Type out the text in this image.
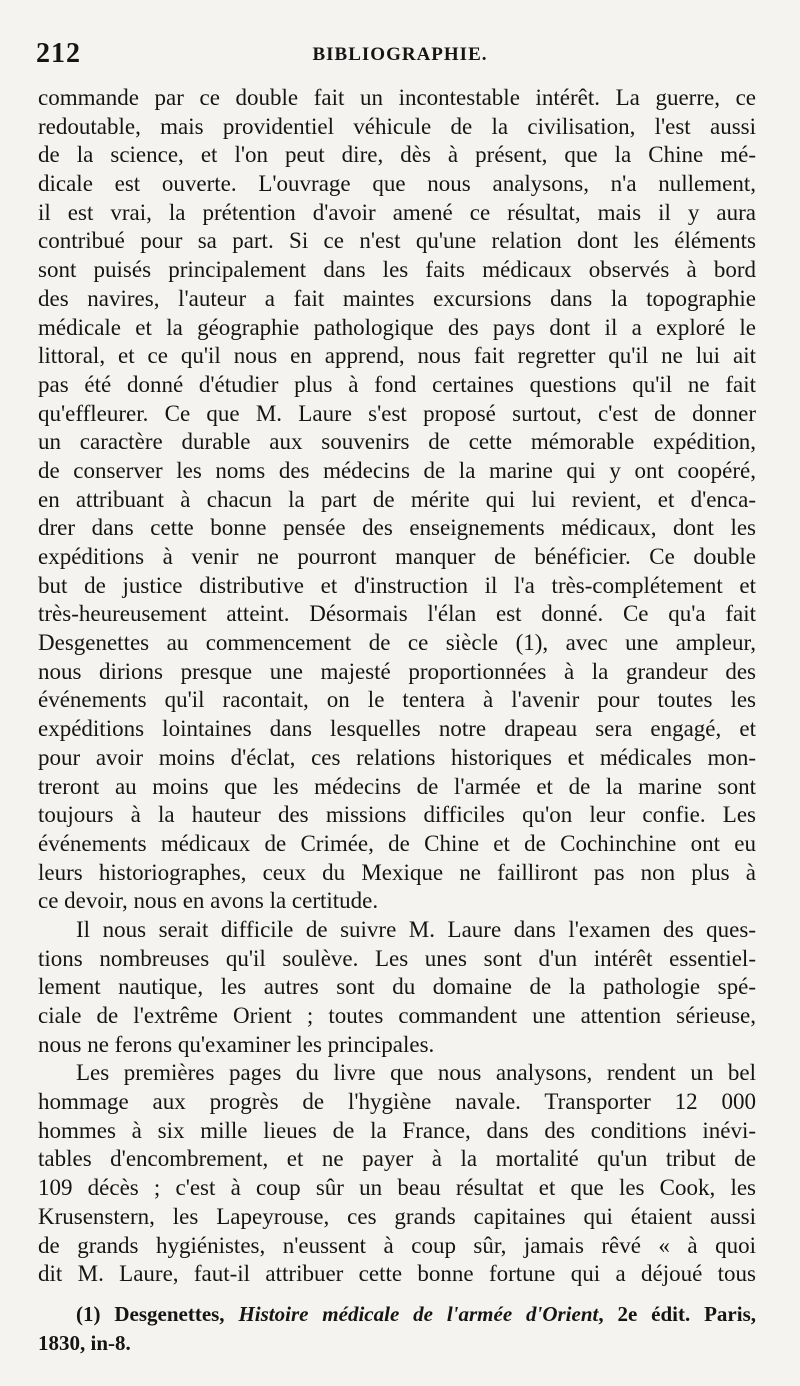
212	BIBLIOGRAPHIE.
commande par ce double fait un incontestable intérêt. La guerre, ce
redoutable, mais providentiel véhicule de la civilisation, l'est aussi
de la science, et l'on peut dire, dès à présent, que la Chine mé-
dicale est ouverte. L'ouvrage que nous analysons, n'a nullement,
il est vrai, la prétention d'avoir amené ce résultat, mais il y aura
contribué pour sa part. Si ce n'est qu'une relation dont les éléments
sont puisés principalement dans les faits médicaux observés à bord
des navires, l'auteur a fait maintes excursions dans la topographie
médicale et la géographie pathologique des pays dont il a exploré le
littoral, et ce qu'il nous en apprend, nous fait regretter qu'il ne lui ait
pas été donné d'étudier plus à fond certaines questions qu'il ne fait
qu'effleurer. Ce que M. Laure s'est proposé surtout, c'est de donner
un caractère durable aux souvenirs de cette mémorable expédition,
de conserver les noms des médecins de la marine qui y ont coopéré,
en attribuant à chacun la part de mérite qui lui revient, et d'enca-
drer dans cette bonne pensée des enseignements médicaux, dont les
expéditions à venir ne pourront manquer de bénéficier. Ce double
but de justice distributive et d'instruction il l'a très-complétement et
très-heureusement atteint. Désormais l'élan est donné. Ce qu'a fait
Desgenettes au commencement de ce siècle (1), avec une ampleur,
nous dirions presque une majesté proportionnées à la grandeur des
événements qu'il racontait, on le tentera à l'avenir pour toutes les
expéditions lointaines dans lesquelles notre drapeau sera engagé, et
pour avoir moins d'éclat, ces relations historiques et médicales mon-
treront au moins que les médecins de l'armée et de la marine sont
toujours à la hauteur des missions difficiles qu'on leur confie. Les
événements médicaux de Crimée, de Chine et de Cochinchine ont eu
leurs historiographes, ceux du Mexique ne failliront pas non plus à
ce devoir, nous en avons la certitude.
Il nous serait difficile de suivre M. Laure dans l'examen des ques-
tions nombreuses qu'il soulève. Les unes sont d'un intérêt essentiel-
lement nautique, les autres sont du domaine de la pathologie spé-
ciale de l'extrême Orient ; toutes commandent une attention sérieuse,
nous ne ferons qu'examiner les principales.
Les premières pages du livre que nous analysons, rendent un bel
hommage aux progrès de l'hygiène navale. Transporter 12 000
hommes à six mille lieues de la France, dans des conditions inévi-
tables d'encombrement, et ne payer à la mortalité qu'un tribut de
109 décès ; c'est à coup sûr un beau résultat et que les Cook, les
Krusenstern, les Lapeyrouse, ces grands capitaines qui étaient aussi
de grands hygiénistes, n'eussent à coup sûr, jamais rêvé « à quoi
dit M. Laure, faut-il attribuer cette bonne fortune qui a déjoué tous
(1) Desgenettes, Histoire médicale de l'armée d'Orient, 2e édit. Paris,
1830, in-8.
